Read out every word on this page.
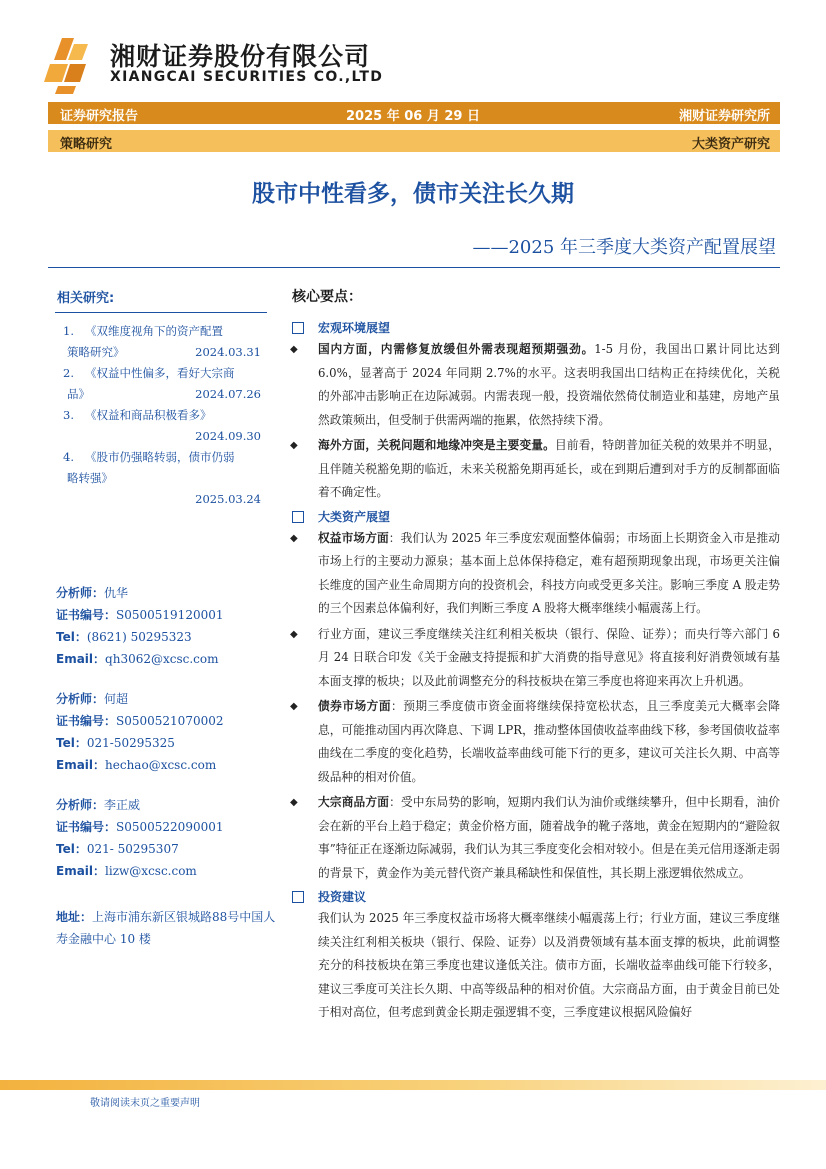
湘财证券股份有限公司
XIANGCAI SECURITIES CO.,LTD
证券研究报告	2025 年 06 月 29 日	湘财证券研究所
策略研究	大类资产研究
股市中性看多，债市关注长久期
——2025 年三季度大类资产配置展望
相关研究:
1. 《双维度视角下的资产配置
策略研究》	2024.03.31
2. 《权益中性偏多，看好大宗商
品》	2024.07.26
3. 《权益和商品积极看多》
2024.09.30
4. 《股市仍强略转弱，债市仍弱
略转强》
2025.03.24
分析师：仇华
证书编号：S0500519120001
Tel：(8621) 50295323
Email：qh3062@xcsc.com
分析师：何超
证书编号：S0500521070002
Tel：021-50295325
Email：hechao@xcsc.com
分析师：李正威
证书编号：S0500522090001
Tel：021- 50295307
Email：lizw@xcsc.com
地址：上海市浦东新区银城路88号中国人寿金融中心 10 楼
核心要点：
宏观环境展望
◆ 国内方面，内需修复放缓但外需表现超预期强劲。1-5 月份，我国出口累计同比达到 6.0%，显著高于 2024 年同期 2.7%的水平。这表明我国出口结构正在持续优化，关税的外部冲击影响正在边际减弱。内需表现一般，投资端依然倚仗制造业和基建，房地产虽然政策频出，但受制于供需两端的拖累，依然持续下滑。
◆ 海外方面，关税问题和地缘冲突是主要变量。目前看，特朗普加征关税的效果并不明显，且伴随关税豁免期的临近，未来关税豁免期再延长，或在到期后遭到对手方的反制都面临着不确定性。
大类资产展望
◆ 权益市场方面：我们认为 2025 年三季度宏观面整体偏弱；市场面上长期资金入市是推动市场上行的主要动力源泉；基本面上总体保持稳定，难有超预期现象出现，市场更关注偏长维度的国产业生命周期方向的投资机会，科技方向或受更多关注。影响三季度 A 股走势的三个因素总体偏利好，我们判断三季度 A 股将大概率继续小幅震荡上行。
◆ 行业方面，建议三季度继续关注红利相关板块（银行、保险、证券）；而央行等六部门 6 月 24 日联合印发《关于金融支持提振和扩大消费的指导意见》将直接利好消费领域有基本面支撑的板块；以及此前调整充分的科技板块在第三季度也将迎来再次上升机遇。
◆ 债券市场方面：预期三季度债市资金面将继续保持宽松状态，且三季度美元大概率会降息，可能推动国内再次降息、下调 LPR，推动整体国债收益率曲线下移，参考国债收益率曲线在二季度的变化趋势，长端收益率曲线可能下行的更多，建议可关注长久期、中高等级品种的相对价值。
◆ 大宗商品方面：受中东局势的影响，短期内我们认为油价或继续攀升，但中长期看，油价会在新的平台上趋于稳定；黄金价格方面，随着战争的靴子落地，黄金在短期内的“避险叙事”特征正在逐渐边际减弱，我们认为其三季度变化会相对较小。但是在美元信用逐渐走弱的背景下，黄金作为美元替代资产兼具稀缺性和保值性，其长期上涨逻辑依然成立。
投资建议
我们认为 2025 年三季度权益市场将大概率继续小幅震荡上行；行业方面，建议三季度继续关注红利相关板块（银行、保险、证券）以及消费领域有基本面支撑的板块，此前调整充分的科技板块在第三季度也建议逢低关注。债市方面，长端收益率曲线可能下行较多，建议三季度可关注长久期、中高等级品种的相对价值。大宗商品方面，由于黄金目前已处于相对高位，但考虑到黄金长期走强逻辑不变，三季度建议根据风险偏好
敬请阅读末页之重要声明
